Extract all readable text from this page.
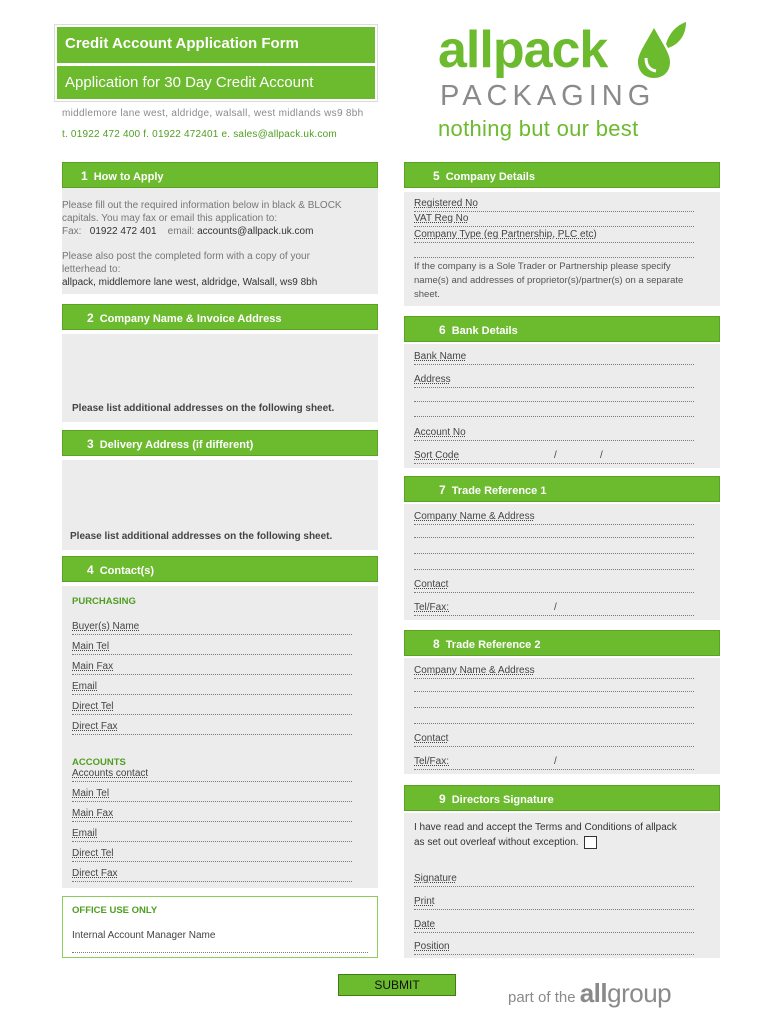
Credit Account Application Form
Application for 30 Day Credit Account
middlemore lane west, aldridge, walsall, west midlands ws9 8bh
t. 01922 472 400 f. 01922 472401 e. sales@allpack.uk.com
allpack
PACKAGING
nothing but our best
1 How to Apply
Please fill out the required information below in black & BLOCK
capitals. You may fax or email this application to:
Fax: 01922 472 401 email: accounts@allpack.uk.com
Please also post the completed form with a copy of your
letterhead to:
allpack, middlemore lane west, aldridge, Walsall, ws9 8bh
2 Company Name & Invoice Address
Please list additional addresses on the following sheet.
3 Delivery Address (if different)
Please list additional addresses on the following sheet.
4 Contact(s)
PURCHASING
Buyer(s) Name
Main Tel
Main Fax
Email
Direct Tel
Direct Fax
ACCOUNTS
Accounts contact
Main Tel
Main Fax
Email
Direct Tel
Direct Fax
OFFICE USE ONLY
Internal Account Manager Name
5 Company Details
Registered No
VAT Reg No
Company Type (eg Partnership, PLC etc)
If the company is a Sole Trader or Partnership please specify
name(s) and addresses of proprietor(s)/partner(s) on a separate
sheet.
6 Bank Details
Bank Name
Address
Account No
Sort Code	/	/
7 Trade Reference 1
Company Name & Address
Contact
Tel/Fax:	/
8 Trade Reference 2
Company Name & Address
Contact
Tel/Fax:	/
9 Directors Signature
I have read and accept the Terms and Conditions of allpack
as set out overleaf without exception.
Signature
Print
Date
Position
SUBMIT
part of the allgroup
